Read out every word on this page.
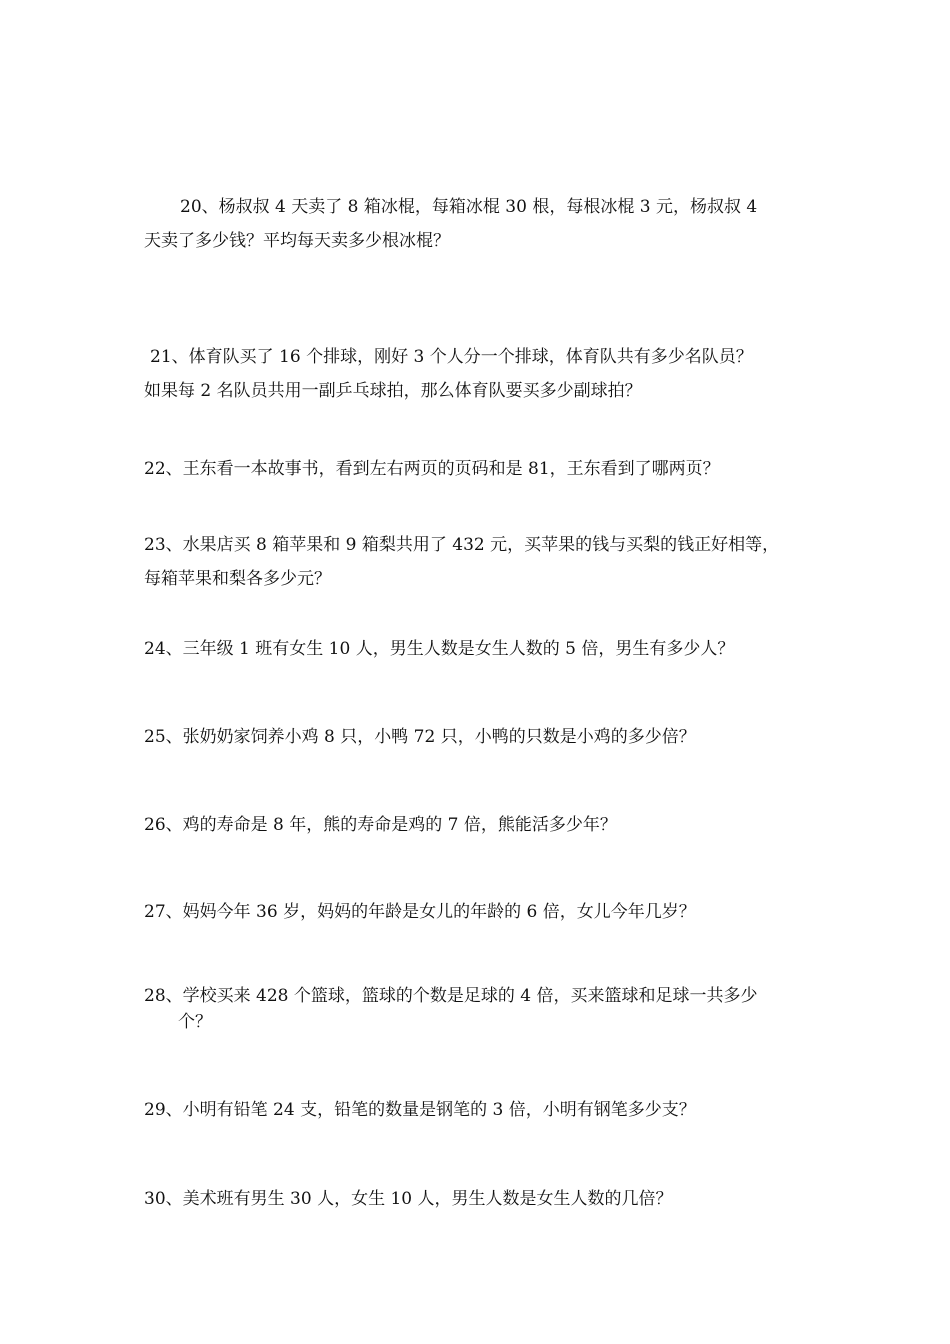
20、杨叔叔 4 天卖了 8 箱冰棍，每箱冰棍 30 根，每根冰棍 3 元，杨叔叔 4
天卖了多少钱？平均每天卖多少根冰棍？

21、体育队买了 16 个排球，刚好 3 个人分一个排球，体育队共有多少名队员？
如果每 2 名队员共用一副乒乓球拍，那么体育队要买多少副球拍？

22、王东看一本故事书，看到左右两页的页码和是 81，王东看到了哪两页？

23、水果店买 8 箱苹果和 9 箱梨共用了 432 元，买苹果的钱与买梨的钱正好相等，
每箱苹果和梨各多少元？

24、三年级 1 班有女生 10 人，男生人数是女生人数的 5 倍，男生有多少人？

25、张奶奶家饲养小鸡 8 只，小鸭 72 只，小鸭的只数是小鸡的多少倍？

26、鸡的寿命是 8 年，熊的寿命是鸡的 7 倍，熊能活多少年？

27、妈妈今年 36 岁，妈妈的年龄是女儿的年龄的 6 倍，女儿今年几岁？

28、学校买来 428 个篮球，篮球的个数是足球的 4 倍，买来篮球和足球一共多少
个？

29、小明有铅笔 24 支，铅笔的数量是钢笔的 3 倍，小明有钢笔多少支？

30、美术班有男生 30 人，女生 10 人，男生人数是女生人数的几倍？
